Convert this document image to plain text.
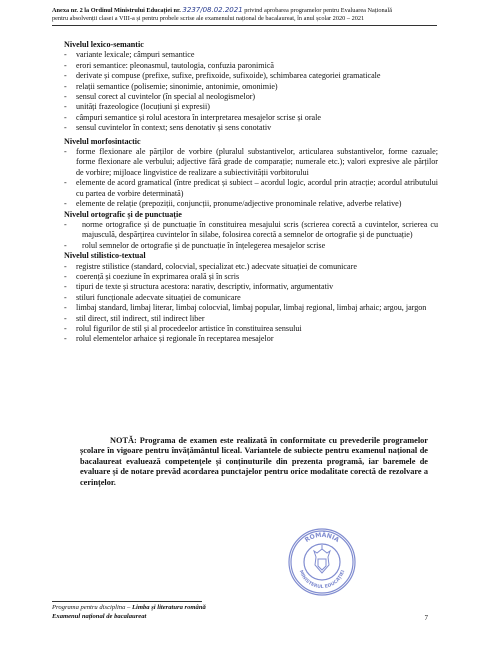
Anexa nr. 2 la Ordinul Ministrului Educației nr. 3237/08.02.2021 privind aprobarea programelor pentru Evaluarea Națională
pentru absolvenții clasei a VIII-a și pentru probele scrise ale examenului național de bacalaureat, în anul școlar 2020 – 2021
Nivelul lexico-semantic
- variante lexicale; câmpuri semantice
- erori semantice: pleonasmul, tautologia, confuzia paronimică
- derivate și compuse (prefixe, sufixe, prefixoide, sufixoide), schimbarea categoriei gramaticale
- relații semantice (polisemie; sinonimie, antonimie, omonimie)
- sensul corect al cuvintelor (în special al neologismelor)
- unități frazeologice (locuțiuni și expresii)
- câmpuri semantice și rolul acestora în interpretarea mesajelor scrise și orale
- sensul cuvintelor în context; sens denotativ și sens conotativ
Nivelul morfosintactic
- forme flexionare ale părților de vorbire (pluralul substantivelor, articularea substantivelor, forme cazuale; forme flexionare ale verbului; adjective fără grade de comparație; numerale etc.); valori expresive ale părților de vorbire; mijloace lingvistice de realizare a subiectivității vorbitorului
- elemente de acord gramatical (între predicat și subiect – acordul logic, acordul prin atracție; acordul atributului cu partea de vorbire determinată)
- elemente de relație (prepoziții, conjuncții, pronume/adjective pronominale relative, adverbe relative)
Nivelul ortografic și de punctuație
- norme ortografice și de punctuație în constituirea mesajului scris (scrierea corectă a cuvintelor, scrierea cu majusculă, despărțirea cuvintelor în silabe, folosirea corectă a semnelor de ortografie și de punctuație)
- rolul semnelor de ortografie și de punctuație în înțelegerea mesajelor scrise
Nivelul stilistico-textual
- registre stilistice (standard, colocvial, specializat etc.) adecvate situației de comunicare
- coerență și coeziune în exprimarea orală și în scris
- tipuri de texte și structura acestora: narativ, descriptiv, informativ, argumentativ
- stiluri funcționale adecvate situației de comunicare
- limbaj standard, limbaj literar, limbaj colocvial, limbaj popular, limbaj regional, limbaj arhaic; argou, jargon
- stil direct, stil indirect, stil indirect liber
- rolul figurilor de stil și al procedeelor artistice în constituirea sensului
- rolul elementelor arhaice și regionale în receptarea mesajelor
NOTĂ: Programa de examen este realizată în conformitate cu prevederile programelor școlare în vigoare pentru învățământul liceal. Variantele de subiecte pentru examenul național de bacalaureat evaluează competențele și conținuturile din prezenta programă, iar baremele de evaluare și de notare prevăd acordarea punctajelor pentru orice modalitate corectă de rezolvare a cerințelor.
ROMÂNIA
MINISTERUL EDUCAȚIEI
Programa pentru disciplina – Limba și literatura română
Examenul național de bacalaureat	7
